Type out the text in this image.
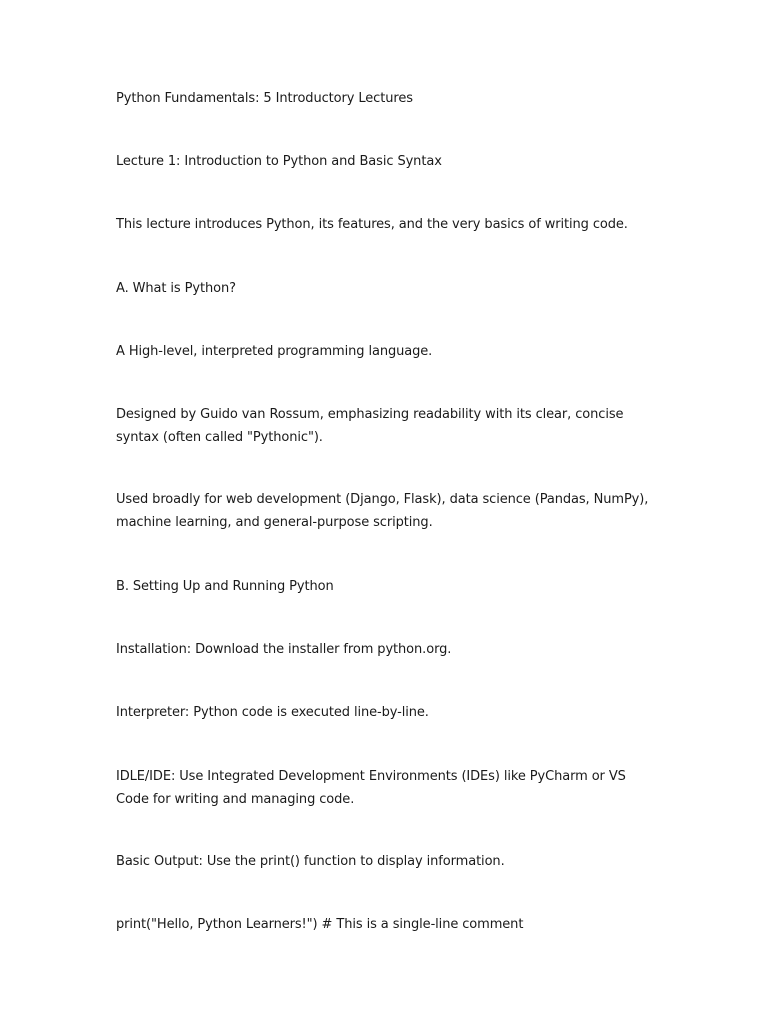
Python Fundamentals: 5 Introductory Lectures

Lecture 1: Introduction to Python and Basic Syntax

This lecture introduces Python, its features, and the very basics of writing code.

A. What is Python?

A High-level, interpreted programming language.

Designed by Guido van Rossum, emphasizing readability with its clear, concise syntax (often called "Pythonic").

Used broadly for web development (Django, Flask), data science (Pandas, NumPy), machine learning, and general-purpose scripting.

B. Setting Up and Running Python

Installation: Download the installer from python.org.

Interpreter: Python code is executed line-by-line.

IDLE/IDE: Use Integrated Development Environments (IDEs) like PyCharm or VS Code for writing and managing code.

Basic Output: Use the print() function to display information.

print("Hello, Python Learners!") # This is a single-line comment
